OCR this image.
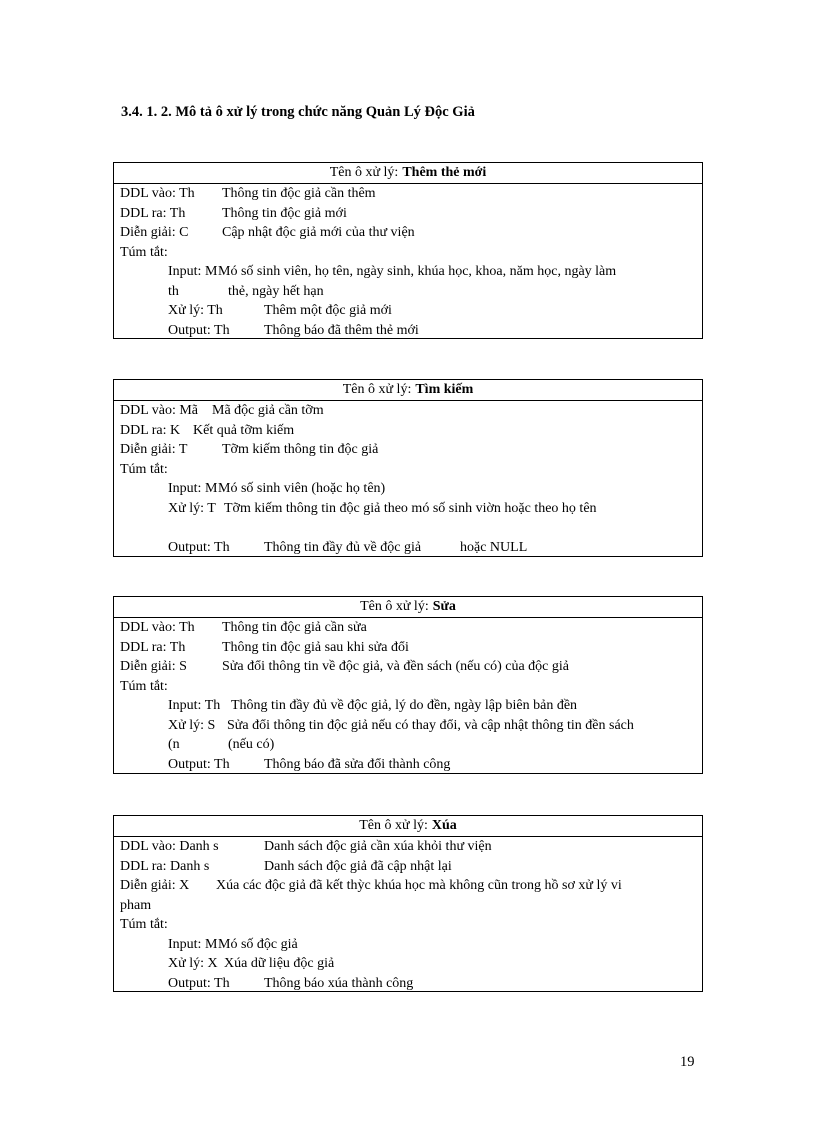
3.4. 1. 2. Mô tả ô xử lý trong chức năng Quản Lý Độc Giả
Tên ô xử lý: Thêm thẻ mới
DDL vào: Th Thông tin độc giả cần thêm
DDL ra: Th	Thông tin độc giả mới
Diễn giải: C Cập nhật độc giả mới của thư viện
Túm tắt:
Input: M Mó số sinh viên, họ tên, ngày sinh, khúa học, khoa, năm học, ngày làm
th	thẻ, ngày hết hạn
Xử lý: Th	Thêm một độc giả mới
Output: Th Thông báo đã thêm thẻ mới
Tên ô xử lý: Tìm kiếm
DDL vào: Mã Mã độc giả cần tỡm
DDL ra: K Kết quả tỡm kiếm
Diễn giải: T Tỡm kiếm thông tin độc giả
Túm tắt:
Input: M Mó số sinh viên (hoặc họ tên)
Xử lý: T Tỡm kiếm thông tin độc giả theo mó số sinh viờn hoặc theo họ tên
Output: Th Thông tin đầy đủ về độc giả	hoặc NULL
Tên ô xử lý: Sửa
DDL vào: Th Thông tin độc giả cần sửa
DDL ra: Th	Thông tin độc giả sau khi sửa đổi
Diễn giải: S	Sửa đổi thông tin về độc giả, và đền sách (nếu có) của độc giả
Túm tắt:
Input: Th Thông tin đầy đủ về độc giả, lý do đền, ngày lập biên bản đền
Xử lý: S Sửa đổi thông tin độc giả nếu có thay đổi, và cập nhật thông tin đền sách
(n	(nếu có)
Output: Th Thông báo đã sửa đổi thành công
Tên ô xử lý: Xúa
DDL vào: Danh s	Danh sách độc giả cần xúa khỏi thư viện
DDL ra: Danh s	Danh sách độc giả đã cập nhật lại
Diễn giải: X Xúa các độc giả đã kết thỳc khúa học mà không cũn trong hồ sơ xử lý vi
pham
Túm tắt:
Input: M Mó số độc giả
Xử lý: X Xúa dữ liệu độc giả
Output: Th Thông báo xúa thành công
19
